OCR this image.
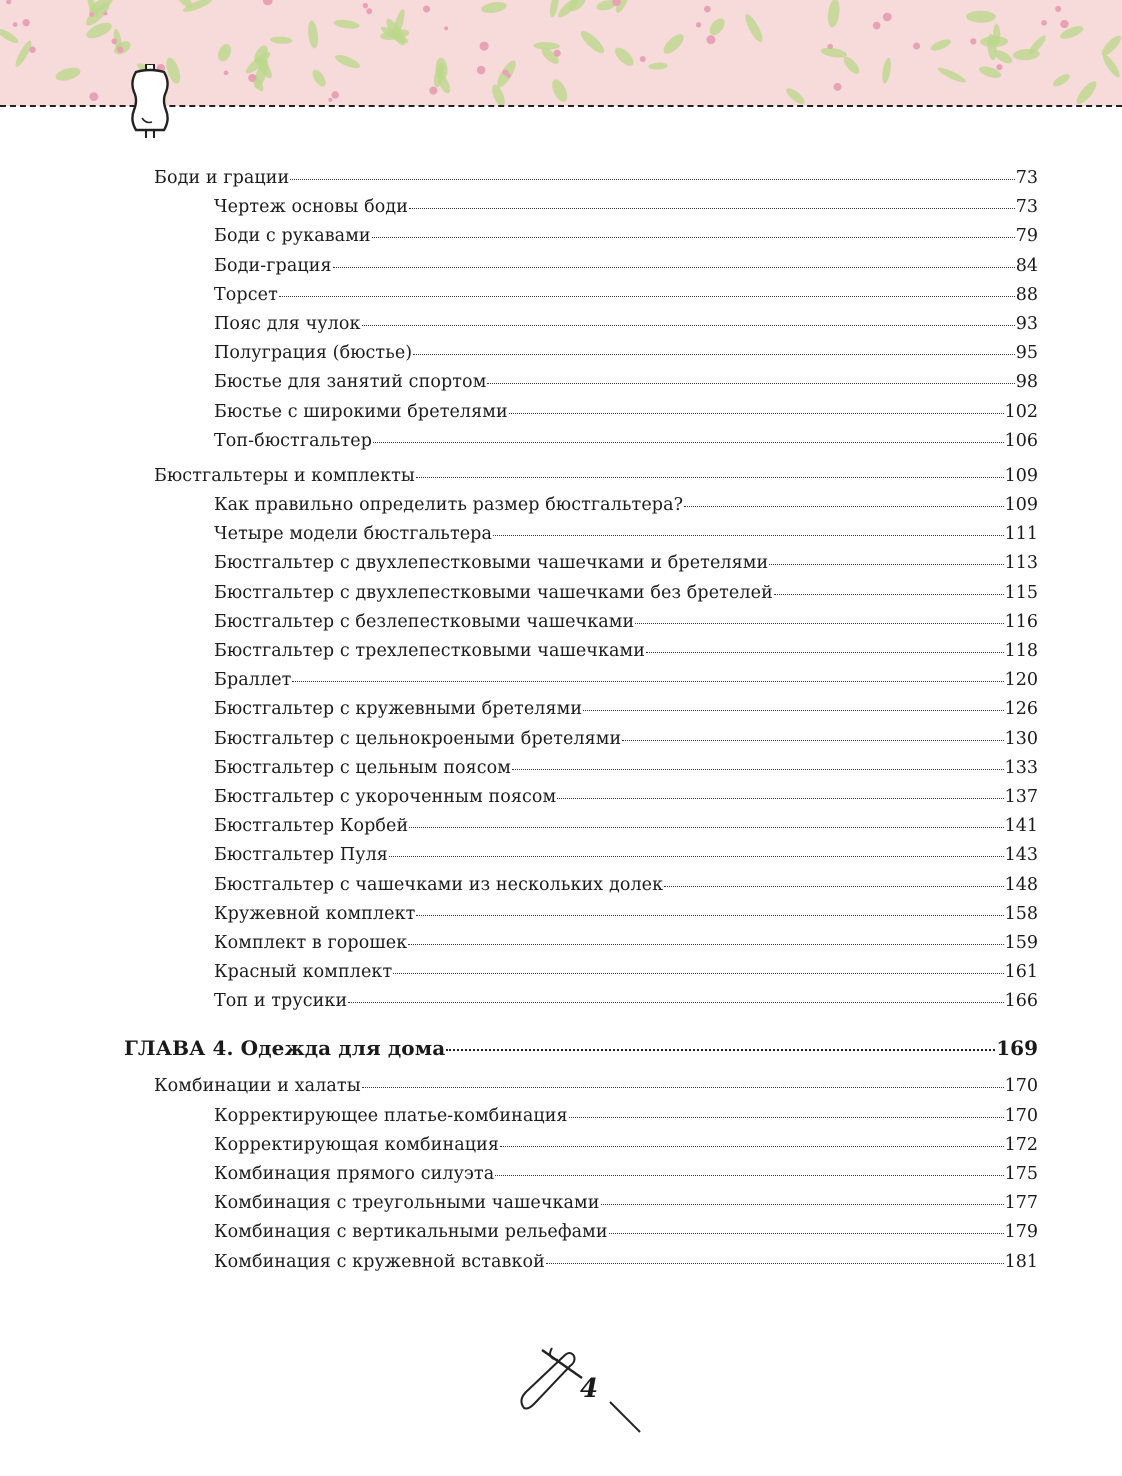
Боди и грации	73
Чертеж основы боди	73
Боди с рукавами	79
Боди-грация	84
Торсет	88
Пояс для чулок	93
Полуграция (бюстье)	95
Бюстье для занятий спортом	98
Бюстье с широкими бретелями	102
Топ-бюстгальтер	106
Бюстгальтеры и комплекты	109
Как правильно определить размер бюстгальтера?	109
Четыре модели бюстгальтера	111
Бюстгальтер с двухлепестковыми чашечками и бретелями	113
Бюстгальтер с двухлепестковыми чашечками без бретелей	115
Бюстгальтер с безлепестковыми чашечками	116
Бюстгальтер с трехлепестковыми чашечками	118
Браллет	120
Бюстгальтер с кружевными бретелями	126
Бюстгальтер с цельнокроеными бретелями	130
Бюстгальтер с цельным поясом	133
Бюстгальтер с укороченным поясом	137
Бюстгальтер Корбей	141
Бюстгальтер Пуля	143
Бюстгальтер с чашечками из нескольких долек	148
Кружевной комплект	158
Комплект в горошек	159
Красный комплект	161
Топ и трусики	166
ГЛАВА 4. Одежда для дома	169
Комбинации и халаты	170
Корректирующее платье-комбинация	170
Корректирующая комбинация	172
Комбинация прямого силуэта	175
Комбинация с треугольными чашечками	177
Комбинация с вертикальными рельефами	179
Комбинация с кружевной вставкой	181
4
